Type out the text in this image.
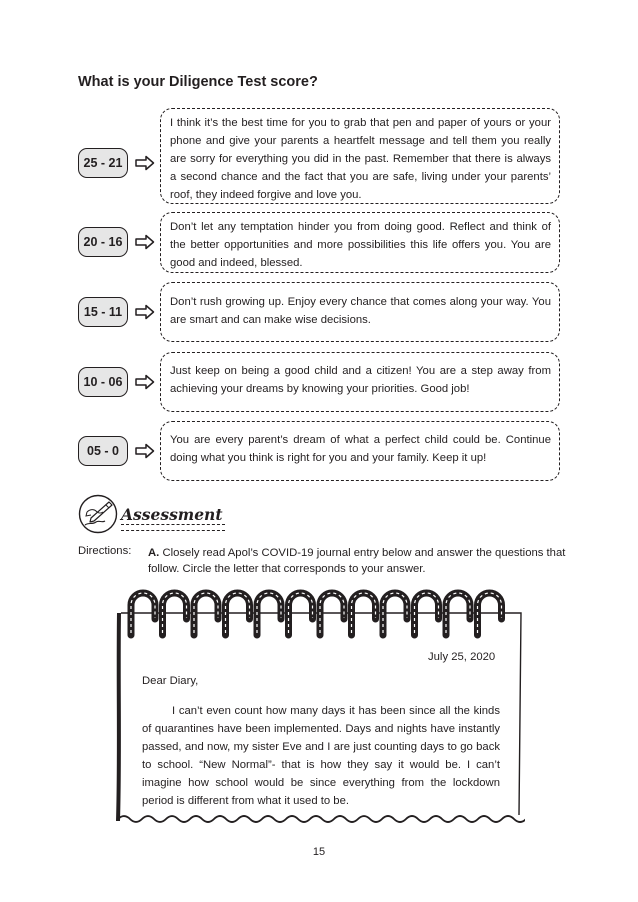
What is your Diligence Test score?
25 - 21
I think it’s the best time for you to grab that pen and paper of yours or your phone and give your parents a heartfelt message and tell them you really are sorry for everything you did in the past. Remember that there is always a second chance and the fact that you are safe, living under your parents’ roof, they indeed forgive and love you.
20 - 16
Don’t let any temptation hinder you from doing good. Reflect and think of the better opportunities and more possibilities this life offers you. You are good and indeed, blessed.
15 - 11
Don’t rush growing up. Enjoy every chance that comes along your way. You are smart and can make wise decisions.
10 - 06
Just keep on being a good child and a citizen! You are a step away from achieving your dreams by knowing your priorities. Good job!
05 - 0
You are every parent’s dream of what a perfect child could be. Continue doing what you think is right for you and your family. Keep it up!
Assessment
Directions: A. Closely read Apol’s COVID-19 journal entry below and answer the questions that follow. Circle the letter that corresponds to your answer.
July 25, 2020
Dear Diary,
I can’t even count how many days it has been since all the kinds of quarantines have been implemented. Days and nights have instantly passed, and now, my sister Eve and I are just counting days to go back to school. “New Normal”- that is how they say it would be. I can’t imagine how school would be since everything from the lockdown period is different from what it used to be.
15
